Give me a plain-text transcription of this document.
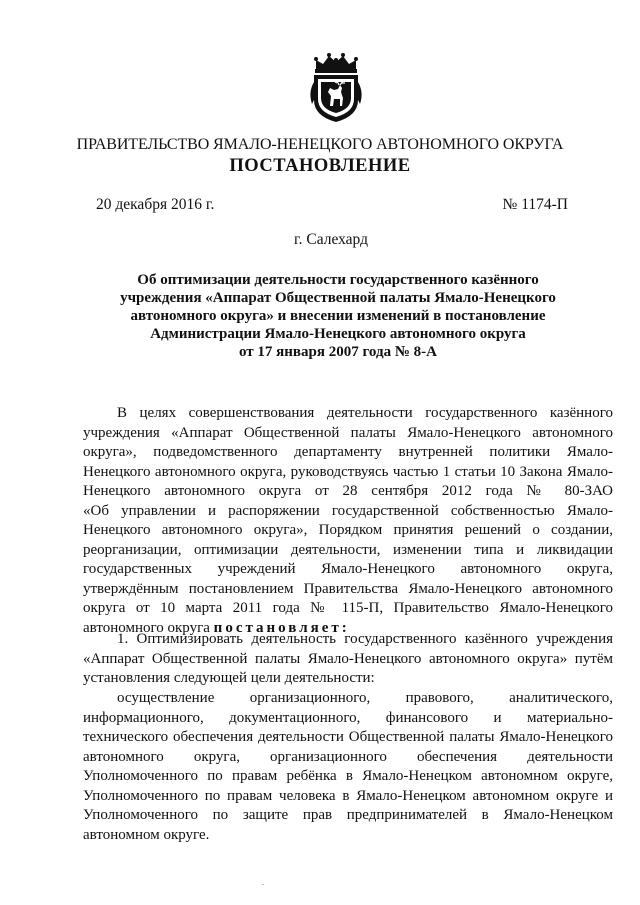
ПРАВИТЕЛЬСТВО ЯМАЛО-НЕНЕЦКОГО АВТОНОМНОГО ОКРУГА
ПОСТАНОВЛЕНИЕ
20 декабря 2016 г.	№ 1174-П
г. Салехард
Об оптимизации деятельности государственного казённого
учреждения «Аппарат Общественной палаты Ямало-Ненецкого
автономного округа» и внесении изменений в постановление
Администрации Ямало-Ненецкого автономного округа
от 17 января 2007 года № 8-А
В целях совершенствования деятельности государственного казённого
учреждения «Аппарат Общественной палаты Ямало-Ненецкого автономного
округа», подведомственного департаменту внутренней политики Ямало-
Ненецкого автономного округа, руководствуясь частью 1 статьи 10 Закона Ямало-
Ненецкого автономного округа от 28 сентября 2012 года № 80-ЗАО
«Об управлении и распоряжении государственной собственностью Ямало-
Ненецкого автономного округа», Порядком принятия решений о создании,
реорганизации, оптимизации деятельности, изменении типа и ликвидации
государственных учреждений Ямало-Ненецкого автономного округа,
утверждённым постановлением Правительства Ямало-Ненецкого автономного
округа от 10 марта 2011 года № 115-П, Правительство Ямало-Ненецкого
автономного округа постановляет:
1. Оптимизировать деятельность государственного казённого учреждения
«Аппарат Общественной палаты Ямало-Ненецкого автономного округа» путём
установления следующей цели деятельности:
осуществление организационного, правового, аналитического,
информационного, документационного, финансового и материально-
технического обеспечения деятельности Общественной палаты Ямало-Ненецкого
автономного округа, организационного обеспечения деятельности
Уполномоченного по правам ребёнка в Ямало-Ненецком автономном округе,
Уполномоченного по правам человека в Ямало-Ненецком автономном округе и
Уполномоченного по защите прав предпринимателей в Ямало-Ненецком
автономном округе.
